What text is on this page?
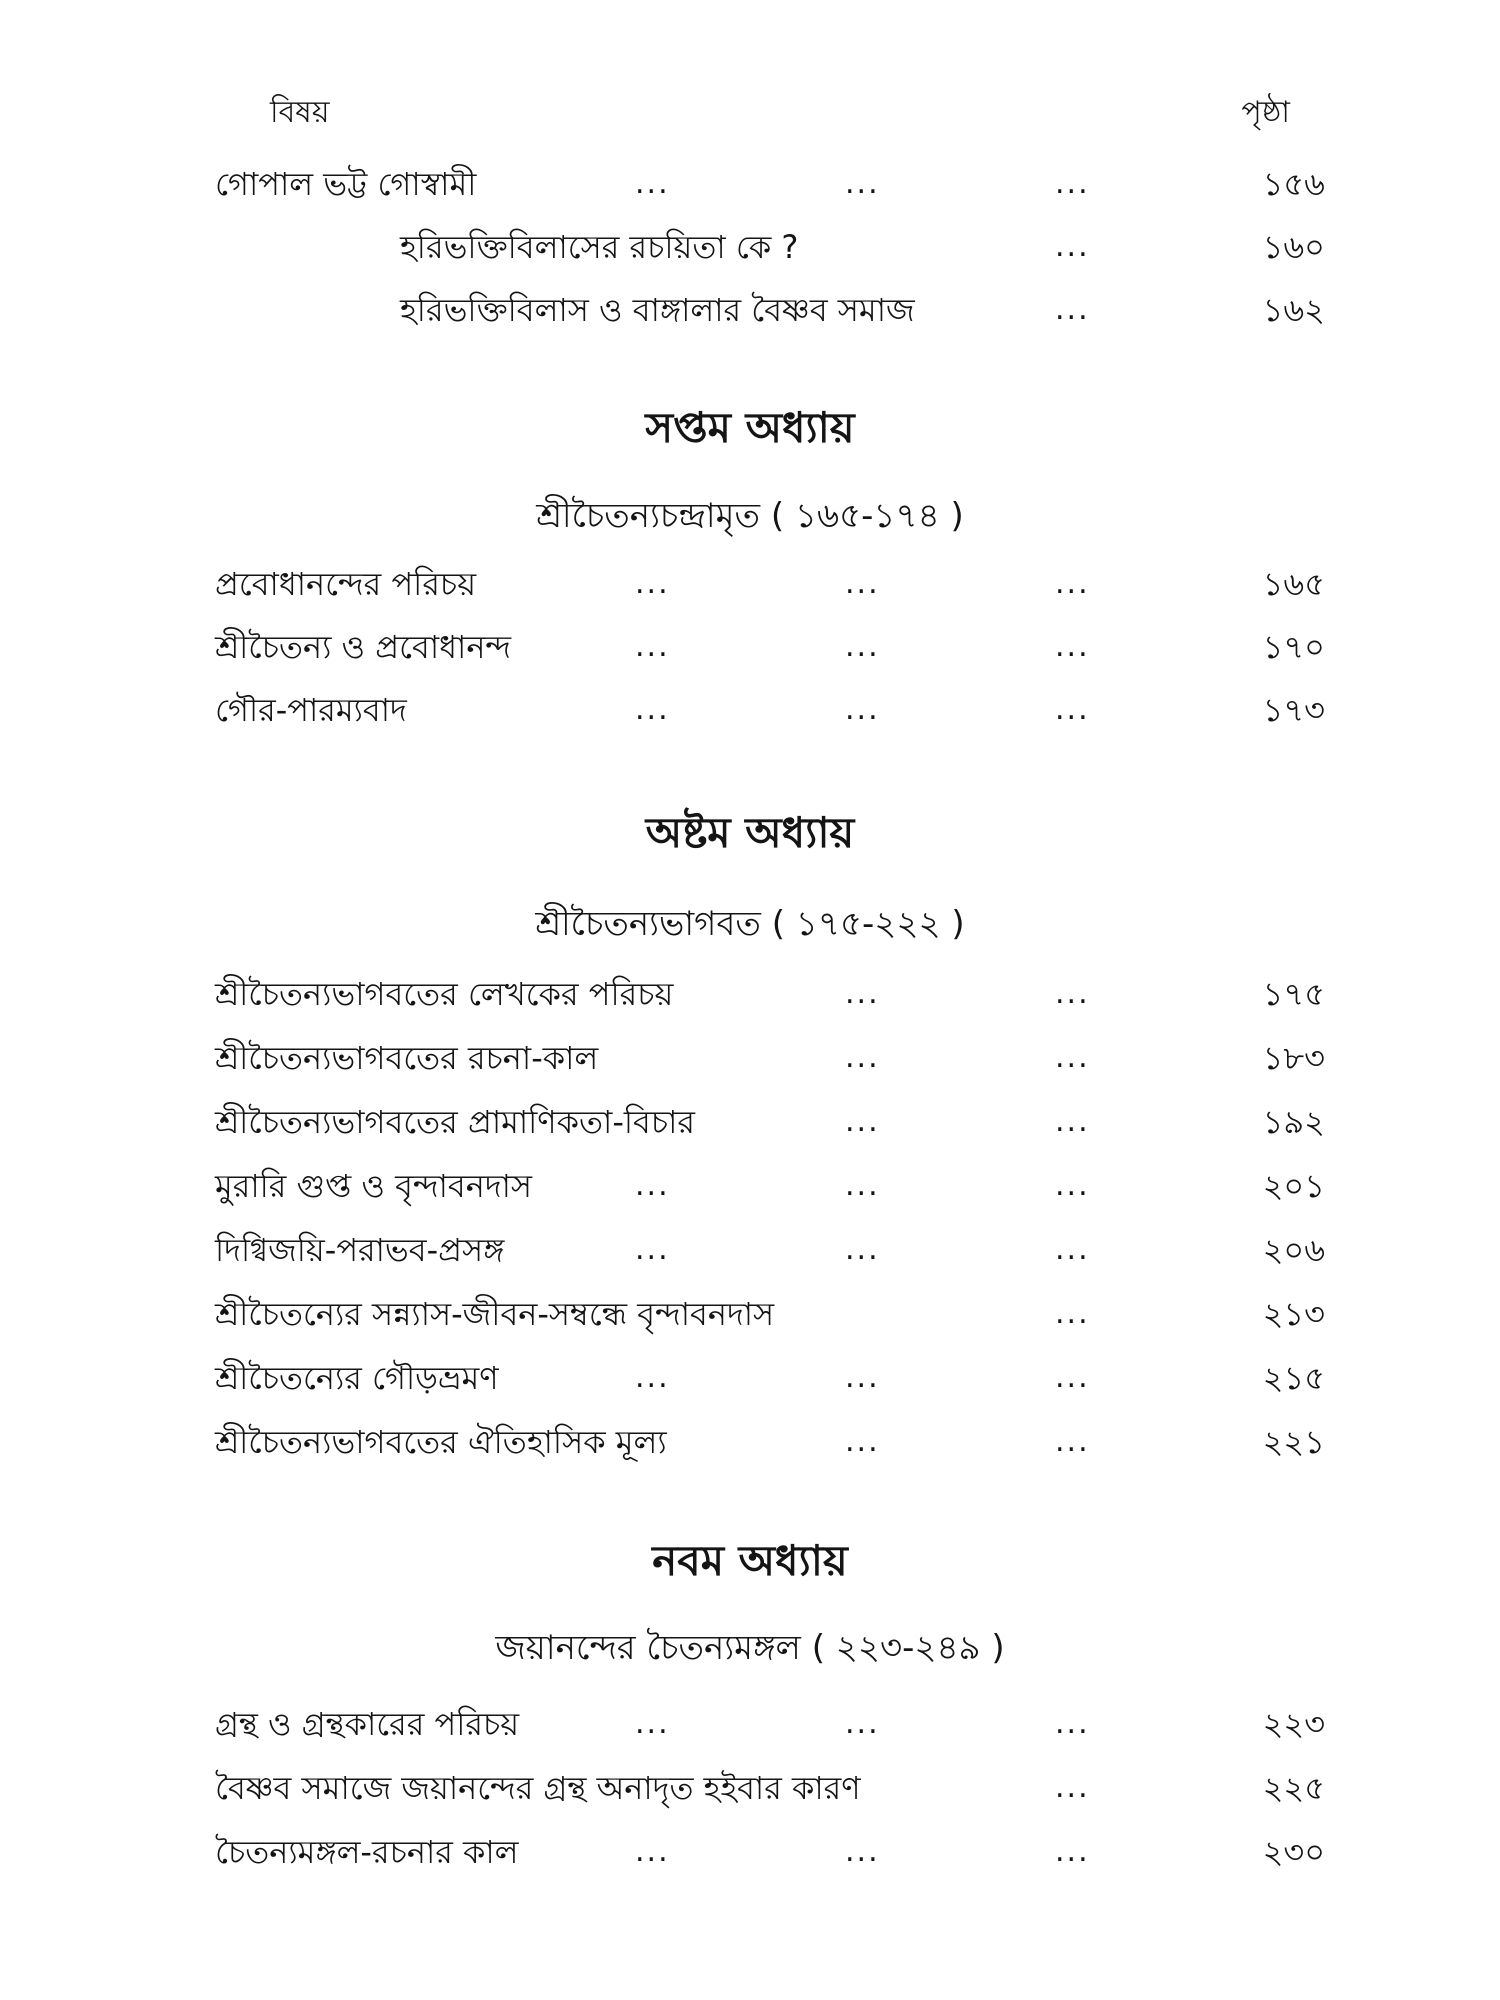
বিষয়	পৃষ্ঠা
গোপাল ভট্ট গোস্বামী	...	...	...	১৫৬
হরিভক্তিবিলাসের রচয়িতা কে ?	...	১৬০
হরিভক্তিবিলাস ও বাঙ্গালার বৈষ্ণব সমাজ	...	১৬২
সপ্তম অধ্যায়
শ্রীচৈতন্যচন্দ্রামৃত ( ১৬৫-১৭৪ )
প্রবোধানন্দের পরিচয়	...	...	...	১৬৫
শ্রীচৈতন্য ও প্রবোধানন্দ	...	...	...	১৭০
গৌর-পারম্যবাদ	...	...	...	১৭৩
অষ্টম অধ্যায়
শ্রীচৈতন্যভাগবত ( ১৭৫-২২২ )
শ্রীচৈতন্যভাগবতের লেখকের পরিচয়	...	...	১৭৫
শ্রীচৈতন্যভাগবতের রচনা-কাল	...	...	১৮৩
শ্রীচৈতন্যভাগবতের প্রামাণিকতা-বিচার	...	...	১৯২
মুরারি গুপ্ত ও বৃন্দাবনদাস	...	...	...	২০১
দিগ্বিজয়ি-পরাভব-প্রসঙ্গ	...	...	...	২০৬
শ্রীচৈতন্যের সন্ন্যাস-জীবন-সম্বন্ধে বৃন্দাবনদাস	...	২১৩
শ্রীচৈতন্যের গৌড়ভ্রমণ	...	...	...	২১৫
শ্রীচৈতন্যভাগবতের ঐতিহাসিক মূল্য	...	...	২২১
নবম অধ্যায়
জয়ানন্দের চৈতন্যমঙ্গল ( ২২৩-২৪৯ )
গ্রন্থ ও গ্রন্থকারের পরিচয়	...	...	...	২২৩
বৈষ্ণব সমাজে জয়ানন্দের গ্রন্থ অনাদৃত হইবার কারণ	...	২২৫
চৈতন্যমঙ্গল-রচনার কাল	...	...	...	২৩০
